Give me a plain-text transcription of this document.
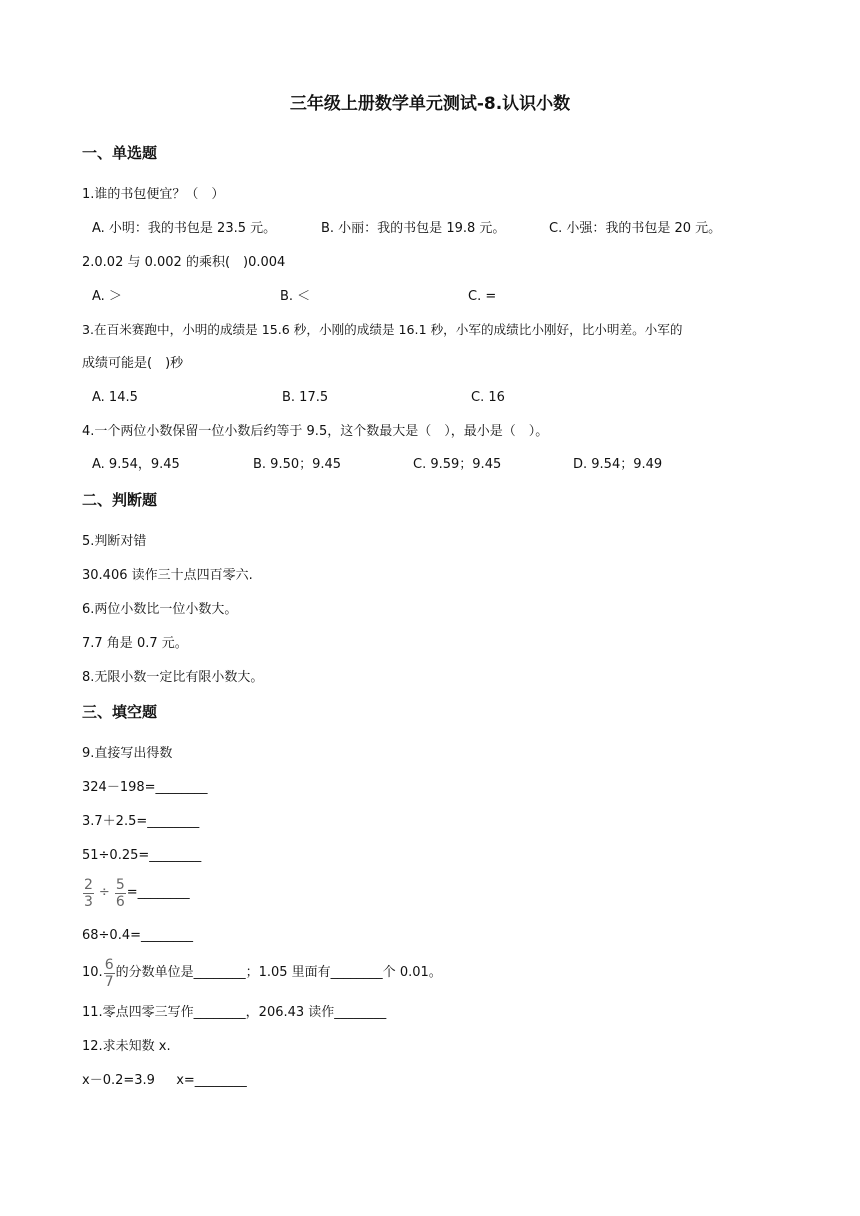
三年级上册数学单元测试-8.认识小数
一、单选题
1.谁的书包便宜？（　）
A. 小明：我的书包是 23.5 元。	B. 小丽：我的书包是 19.8 元。	C. 小强：我的书包是 20 元。
2.0.02 与 0.002 的乘积(　)0.004
A. ＞	B. ＜	C. =
3.在百米赛跑中，小明的成绩是 15.6 秒，小刚的成绩是 16.1 秒，小军的成绩比小刚好，比小明差。小军的
成绩可能是(　)秒
A. 14.5	B. 17.5	C. 16
4.一个两位小数保留一位小数后约等于 9.5，这个数最大是（　），最小是（　）。
A. 9.54，9.45	B. 9.50；9.45	C. 9.59；9.45	D. 9.54；9.49
二、判断题
5.判断对错
30.406 读作三十点四百零六.
6.两位小数比一位小数大。
7.7 角是 0.7 元。
8.无限小数一定比有限小数大。
三、填空题
9.直接写出得数
324－198=________
3.7＋2.5=________
51÷0.25=________
$\frac{2}{3} \div \frac{5}{6}$ =________
68÷0.4=________
10. $\frac{6}{7}$ 的分数单位是________；1.05 里面有________个 0.01。
11.零点四零三写作________，206.43 读作________
12.求未知数 x.
x－0.2=3.9　  x=________
